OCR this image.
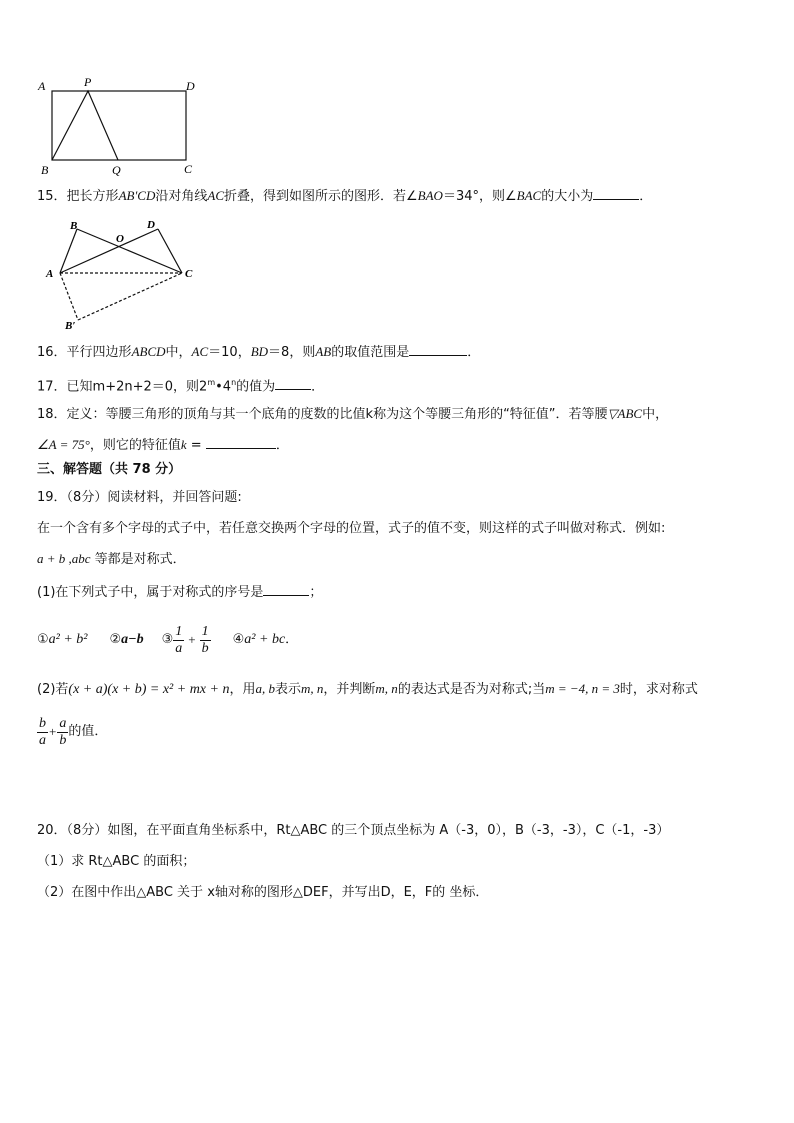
A	P	D
B	Q	C
15．把长方形AB′CD沿对角线AC折叠，得到如图所示的图形．若∠BAO＝34°，则∠BAC的大小为	．
B	D
O
A	C
B′
16．平行四边形ABCD中，AC＝10，BD＝8，则AB的取值范围是	．
17．已知m+2n+2＝0，则2$^m$•4$^n$的值为	．
18．定义：等腰三角形的顶角与其一个底角的度数的比值k称为这个等腰三角形的“特征值”．若等腰▽ABC中，
∠A = 75°，则它的特征值k =	．
三、解答题（共 78 分）
19．（8分）阅读材料，并回答问题:
在一个含有多个字母的式子中，若任意交换两个字母的位置，式子的值不变，则这样的式子叫做对称式．例如:
a + b ,abc 等都是对称式．
(1)在下列式子中，属于对称式的序号是	；
① a² + b² ② a−b ③ $\frac{1}{a} + \frac{1}{b}$ ④ a² + bc ．
(2)若(x + a)(x + b) = x² + mx + n，用a, b表示m, n，并判断m, n的表达式是否为对称式;当m = −4, n = 3时，求对称式
$\frac{b}{a} + \frac{a}{b}$ 的值．
20．（8分）如图，在平面直角坐标系中，Rt△ABC 的三个顶点坐标为 A（-3，0），B（-3，-3），C（-1，-3）
（1）求 Rt△ABC 的面积；
（2）在图中作出△ABC 关于 x轴对称的图形△DEF，并写出D，E，F的 坐标．
